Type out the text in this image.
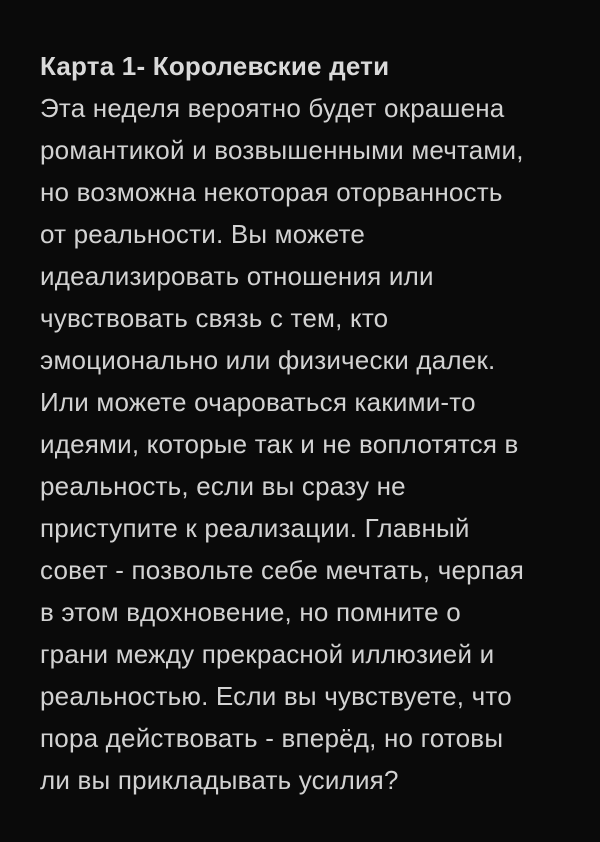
Карта 1- Королевские дети

Эта неделя вероятно будет окрашена
романтикой и возвышенными мечтами,
но возможна некоторая оторванность
от реальности. Вы можете
идеализировать отношения или
чувствовать связь с тем, кто
эмоционально или физически далек.
Или можете очароваться какими-то
идеями, которые так и не воплотятся в
реальность, если вы сразу не
приступите к реализации. Главный
совет - позвольте себе мечтать, черпая
в этом вдохновение, но помните о
грани между прекрасной иллюзией и
реальностью. Если вы чувствуете, что
пора действовать - вперёд, но готовы
ли вы прикладывать усилия?
